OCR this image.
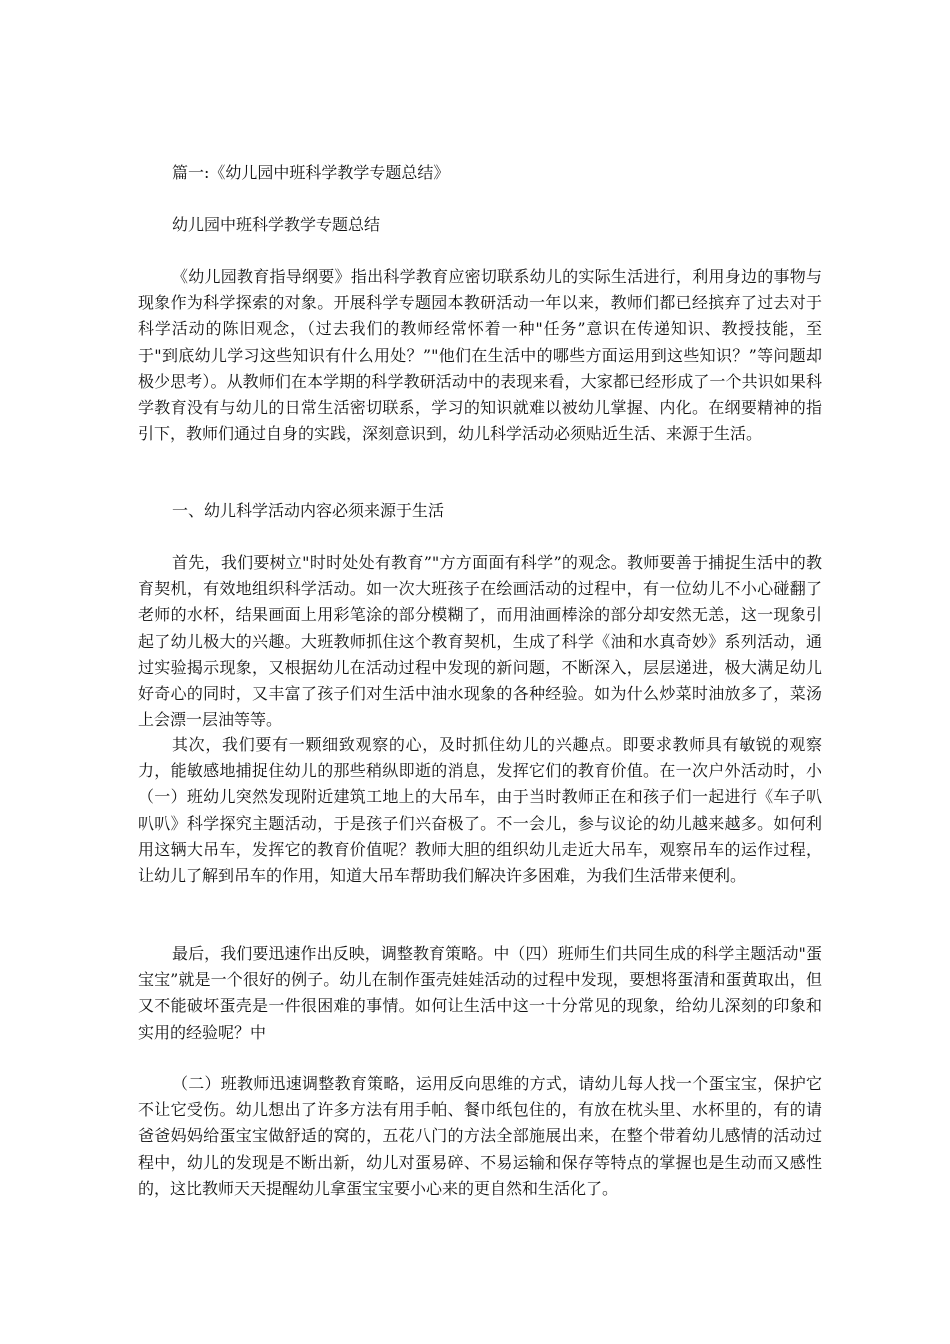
篇一:《幼儿园中班科学教学专题总结》
幼儿园中班科学教学专题总结
《幼儿园教育指导纲要》指出科学教育应密切联系幼儿的实际生活进行，利用身边的事物与现象作为科学探索的对象。开展科学专题园本教研活动一年以来，教师们都已经摈弃了过去对于科学活动的陈旧观念，（过去我们的教师经常怀着一种"任务”意识在传递知识、教授技能，至于"到底幼儿学习这些知识有什么用处？”"他们在生活中的哪些方面运用到这些知识？”等问题却极少思考）。从教师们在本学期的科学教研活动中的表现来看，大家都已经形成了一个共识如果科学教育没有与幼儿的日常生活密切联系，学习的知识就难以被幼儿掌握、内化。在纲要精神的指引下，教师们通过自身的实践，深刻意识到，幼儿科学活动必须贴近生活、来源于生活。
一、幼儿科学活动内容必须来源于生活
首先，我们要树立"时时处处有教育”"方方面面有科学”的观念。教师要善于捕捉生活中的教育契机，有效地组织科学活动。如一次大班孩子在绘画活动的过程中，有一位幼儿不小心碰翻了老师的水杯，结果画面上用彩笔涂的部分模糊了，而用油画棒涂的部分却安然无恙，这一现象引起了幼儿极大的兴趣。大班教师抓住这个教育契机，生成了科学《油和水真奇妙》系列活动，通过实验揭示现象，又根据幼儿在活动过程中发现的新问题，不断深入，层层递进，极大满足幼儿好奇心的同时，又丰富了孩子们对生活中油水现象的各种经验。如为什么炒菜时油放多了，菜汤上会漂一层油等等。
其次，我们要有一颗细致观察的心，及时抓住幼儿的兴趣点。即要求教师具有敏锐的观察力，能敏感地捕捉住幼儿的那些稍纵即逝的消息，发挥它们的教育价值。在一次户外活动时，小（一）班幼儿突然发现附近建筑工地上的大吊车，由于当时教师正在和孩子们一起进行《车子叭叭叭》科学探究主题活动，于是孩子们兴奋极了。不一会儿，参与议论的幼儿越来越多。如何利用这辆大吊车，发挥它的教育价值呢？教师大胆的组织幼儿走近大吊车，观察吊车的运作过程，让幼儿了解到吊车的作用，知道大吊车帮助我们解决许多困难，为我们生活带来便利。
最后，我们要迅速作出反映，调整教育策略。中（四）班师生们共同生成的科学主题活动"蛋宝宝”就是一个很好的例子。幼儿在制作蛋壳娃娃活动的过程中发现，要想将蛋清和蛋黄取出，但又不能破坏蛋壳是一件很困难的事情。如何让生活中这一十分常见的现象，给幼儿深刻的印象和实用的经验呢？中
（二）班教师迅速调整教育策略，运用反向思维的方式，请幼儿每人找一个蛋宝宝，保护它不让它受伤。幼儿想出了许多方法有用手帕、餐巾纸包住的，有放在枕头里、水杯里的，有的请爸爸妈妈给蛋宝宝做舒适的窝的，五花八门的方法全部施展出来，在整个带着幼儿感情的活动过程中，幼儿的发现是不断出新，幼儿对蛋易碎、不易运输和保存等特点的掌握也是生动而又感性的，这比教师天天提醒幼儿拿蛋宝宝要小心来的更自然和生活化了。
